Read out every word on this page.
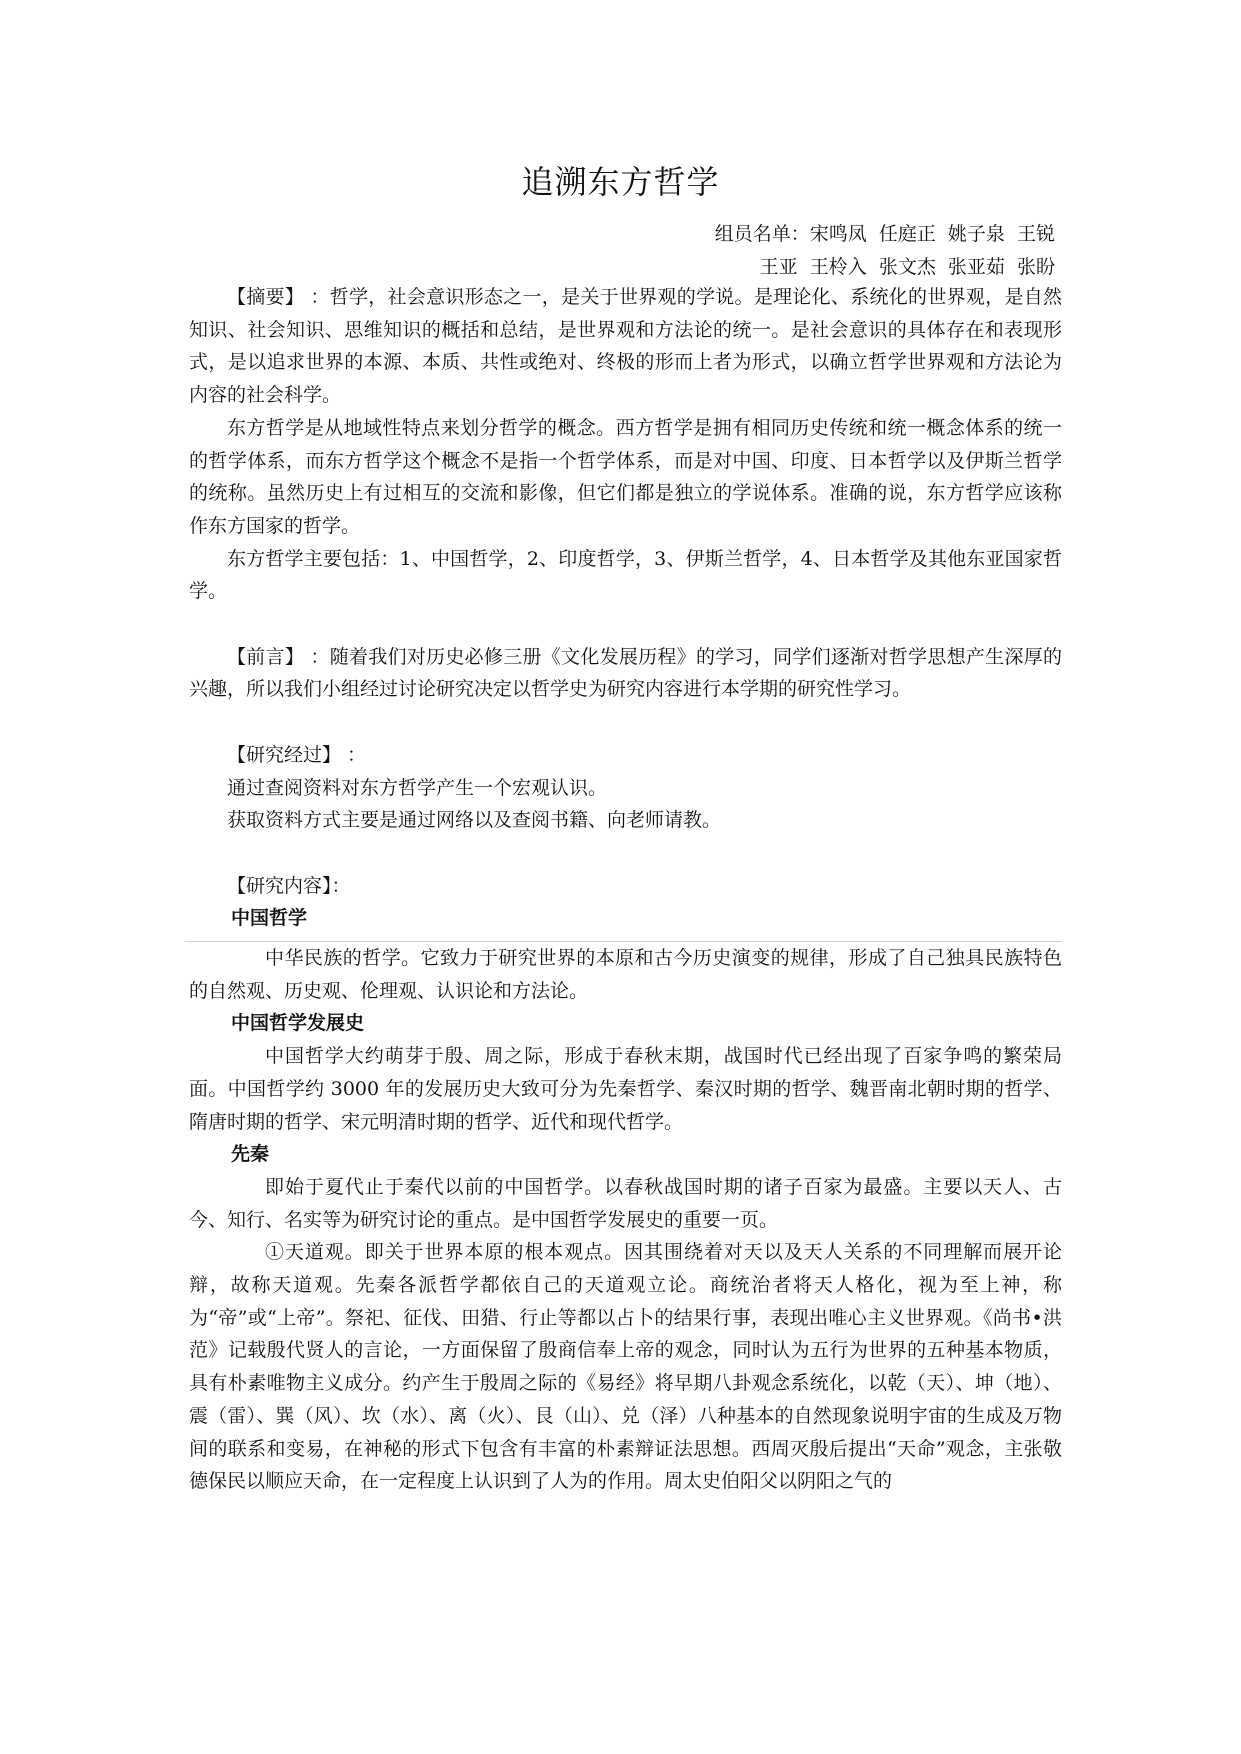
追溯东方哲学
组员名单：宋鸣凤  任庭正  姚子泉  王锐
王亚  王柃入  张文杰  张亚茹  张盼

【摘要】 ：哲学，社会意识形态之一，是关于世界观的学说。是理论化、系统化的世界观，是自然知识、社会知识、思维知识的概括和总结，是世界观和方法论的统一。是社会意识的具体存在和表现形式，是以追求世界的本源、本质、共性或绝对、终极的形而上者为形式，以确立哲学世界观和方法论为内容的社会科学。

东方哲学是从地域性特点来划分哲学的概念。西方哲学是拥有相同历史传统和统一概念体系的统一的哲学体系，而东方哲学这个概念不是指一个哲学体系，而是对中国、印度、日本哲学以及伊斯兰哲学的统称。虽然历史上有过相互的交流和影像，但它们都是独立的学说体系。准确的说，东方哲学应该称作东方国家的哲学。

东方哲学主要包括：1、中国哲学，2、印度哲学，3、伊斯兰哲学，4、日本哲学及其他东亚国家哲学。

【前言】 ：随着我们对历史必修三册《文化发展历程》的学习，同学们逐渐对哲学思想产生深厚的兴趣，所以我们小组经过讨论研究决定以哲学史为研究内容进行本学期的研究性学习。

【研究经过】 ：

通过查阅资料对东方哲学产生一个宏观认识。

获取资料方式主要是通过网络以及查阅书籍、向老师请教。

【研究内容】：

中国哲学

中华民族的哲学。它致力于研究世界的本原和古今历史演变的规律，形成了自己独具民族特色的自然观、历史观、伦理观、认识论和方法论。

中国哲学发展史

中国哲学大约萌芽于殷、周之际，形成于春秋末期，战国时代已经出现了百家争鸣的繁荣局面。中国哲学约 3000 年的发展历史大致可分为先秦哲学、秦汉时期的哲学、魏晋南北朝时期的哲学、隋唐时期的哲学、宋元明清时期的哲学、近代和现代哲学。

先秦

即始于夏代止于秦代以前的中国哲学。以春秋战国时期的诸子百家为最盛。主要以天人、古今、知行、名实等为研究讨论的重点。是中国哲学发展史的重要一页。

①天道观。即关于世界本原的根本观点。因其围绕着对天以及天人关系的不同理解而展开论辩，故称天道观。先秦各派哲学都依自己的天道观立论。商统治者将天人格化，视为至上神，称为“帝”或“上帝”。祭祀、征伐、田猎、行止等都以占卜的结果行事，表现出唯心主义世界观。《尚书•洪范》记载殷代贤人的言论，一方面保留了殷商信奉上帝的观念，同时认为五行为世界的五种基本物质，具有朴素唯物主义成分。约产生于殷周之际的《易经》将早期八卦观念系统化，以乾（天）、坤（地）、震（雷）、巽（风）、坎（水）、离（火）、艮（山）、兑（泽）八种基本的自然现象说明宇宙的生成及万物间的联系和变易，在神秘的形式下包含有丰富的朴素辩证法思想。西周灭殷后提出“天命”观念，主张敬德保民以顺应天命，在一定程度上认识到了人为的作用。周太史伯阳父以阴阳之气的
